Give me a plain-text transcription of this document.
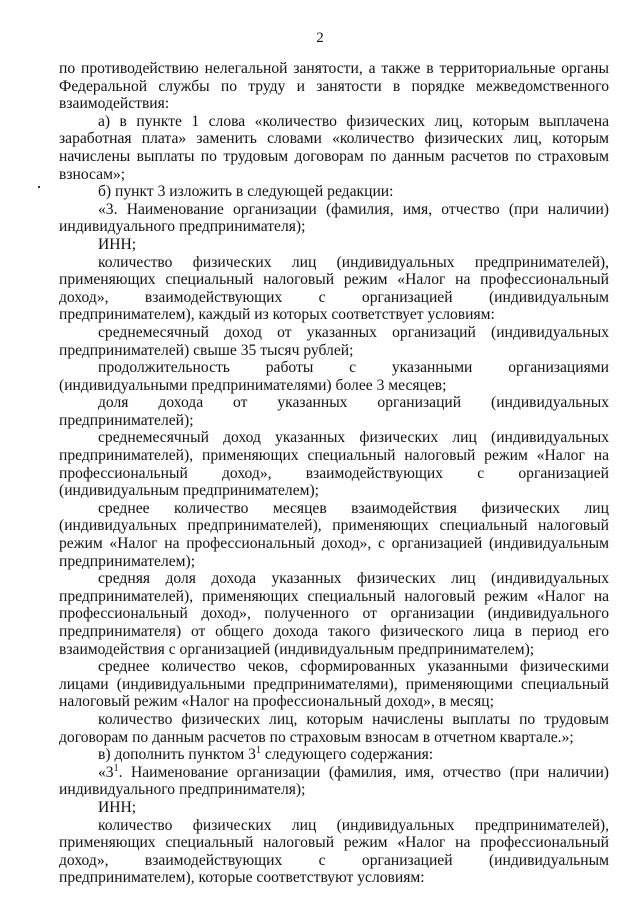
2

по противодействию нелегальной занятости, а также в территориальные органы Федеральной службы по труду и занятости в порядке межведомственного взаимодействия:

а) в пункте 1 слова «количество физических лиц, которым выплачена заработная плата» заменить словами «количество физических лиц, которым начислены выплаты по трудовым договорам по данным расчетов по страховым взносам»;

б) пункт 3 изложить в следующей редакции:

«3. Наименование организации (фамилия, имя, отчество (при наличии) индивидуального предпринимателя);

ИНН;

количество физических лиц (индивидуальных предпринимателей), применяющих специальный налоговый режим «Налог на профессиональный доход», взаимодействующих с организацией (индивидуальным предпринимателем), каждый из которых соответствует условиям:

среднемесячный доход от указанных организаций (индивидуальных предпринимателей) свыше 35 тысяч рублей;

продолжительность работы с указанными организациями (индивидуальными предпринимателями) более 3 месяцев;

доля дохода от указанных организаций (индивидуальных предпринимателей);

среднемесячный доход указанных физических лиц (индивидуальных предпринимателей), применяющих специальный налоговый режим «Налог на профессиональный доход», взаимодействующих с организацией (индивидуальным предпринимателем);

среднее количество месяцев взаимодействия физических лиц (индивидуальных предпринимателей), применяющих специальный налоговый режим «Налог на профессиональный доход», с организацией (индивидуальным предпринимателем);

средняя доля дохода указанных физических лиц (индивидуальных предпринимателей), применяющих специальный налоговый режим «Налог на профессиональный доход», полученного от организации (индивидуального предпринимателя) от общего дохода такого физического лица в период его взаимодействия с организацией (индивидуальным предпринимателем);

среднее количество чеков, сформированных указанными физическими лицами (индивидуальными предпринимателями), применяющими специальный налоговый режим «Налог на профессиональный доход», в месяц;

количество физических лиц, которым начислены выплаты по трудовым договорам по данным расчетов по страховым взносам в отчетном квартале.»;

в) дополнить пунктом $3^1$ следующего содержания:

«$3^1$. Наименование организации (фамилия, имя, отчество (при наличии) индивидуального предпринимателя);

ИНН;

количество физических лиц (индивидуальных предпринимателей), применяющих специальный налоговый режим «Налог на профессиональный доход», взаимодействующих с организацией (индивидуальным предпринимателем), которые соответствуют условиям:
